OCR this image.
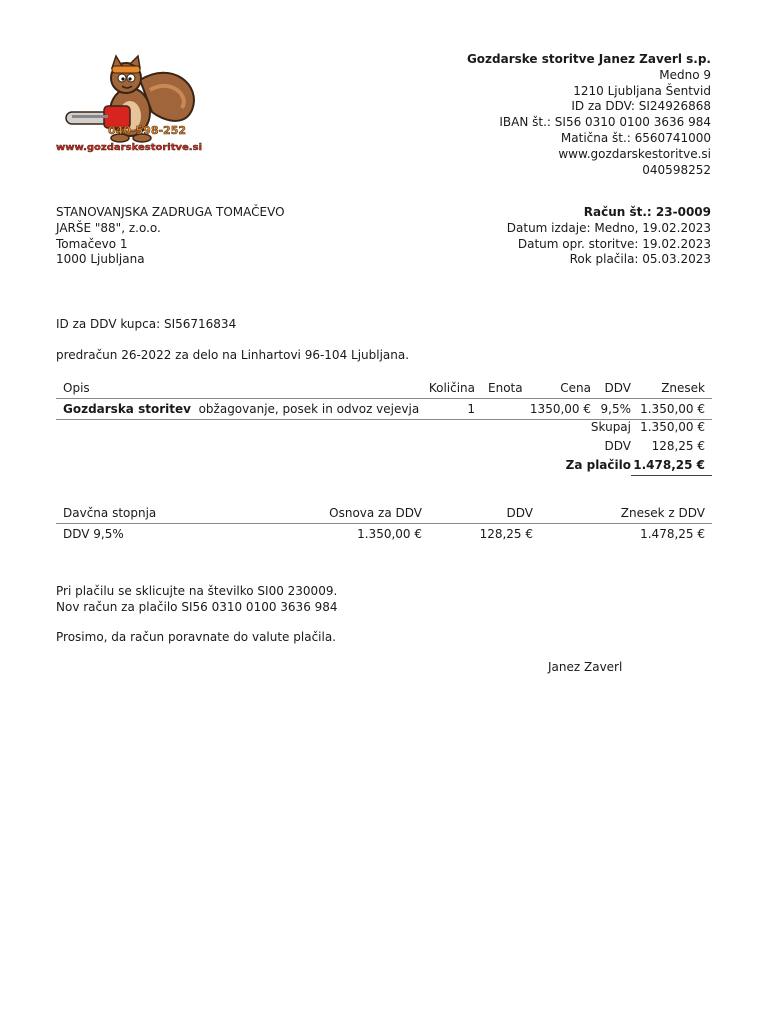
040-598-252
www.gozdarskestoritve.si
Gozdarske storitve Janez Zaverl s.p.
Medno 9
1210 Ljubljana Šentvid
ID za DDV: SI24926868
IBAN št.: SI56 0310 0100 3636 984
Matična št.: 6560741000
www.gozdarskestoritve.si
040598252
STANOVANJSKA ZADRUGA TOMAČEVO
JARŠE "88", z.o.o.
Tomačevo 1
1000 Ljubljana
Račun št.: 23-0009
Datum izdaje: Medno, 19.02.2023
Datum opr. storitve: 19.02.2023
Rok plačila: 05.03.2023
ID za DDV kupca: SI56716834
predračun 26-2022 za delo na Linhartovi 96-104 Ljubljana.
Opis	Količina Enota	Cena DDV	Znesek
Gozdarska storitev obžagovanje, posek in odvoz vejevja	1	1350,00 € 9,5% 1.350,00 €
Skupaj 1.350,00 €
DDV 128,25 €
Za plačilo 1.478,25 €
Davčna stopnja	Osnova za DDV	DDV	Znesek z DDV
DDV 9,5%	1.350,00 €	128,25 €	1.478,25 €
Pri plačilu se sklicujte na številko SI00 230009.
Nov račun za plačilo SI56 0310 0100 3636 984
Prosimo, da račun poravnate do valute plačila.
Janez Zaverl
